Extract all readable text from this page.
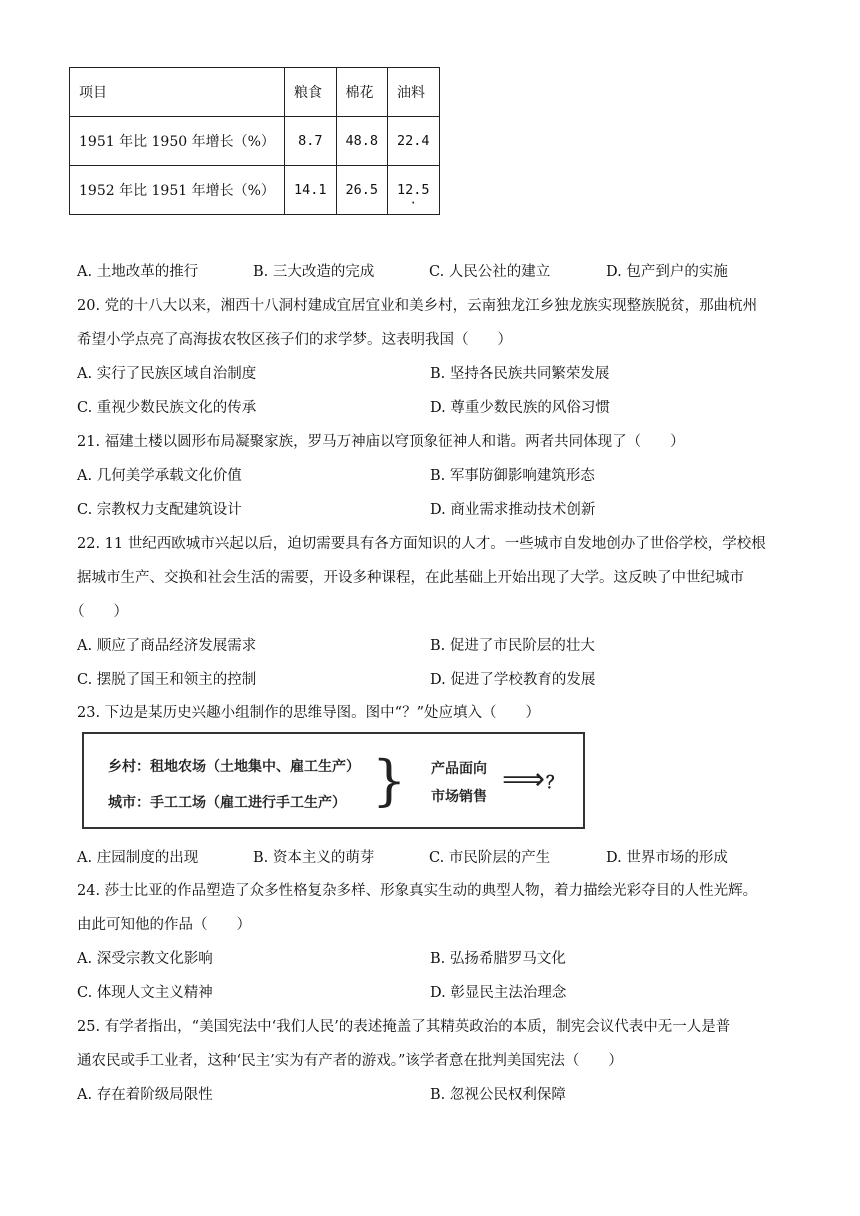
项目	粮食	棉花	油料
1951 年比 1950 年增长（%）	8.7	48.8	22.4
1952 年比 1951 年增长（%）	14.1	26.5	12.5
·
A. 土地改革的推行	B. 三大改造的完成	C. 人民公社的建立	D. 包产到户的实施
20. 党的十八大以来，湘西十八洞村建成宜居宜业和美乡村，云南独龙江乡独龙族实现整族脱贫，那曲杭州
希望小学点亮了高海拔农牧区孩子们的求学梦。这表明我国（　　）
A. 实行了民族区域自治制度	B. 坚持各民族共同繁荣发展
C. 重视少数民族文化的传承	D. 尊重少数民族的风俗习惯
21. 福建土楼以圆形布局凝聚家族，罗马万神庙以穹顶象征神人和谐。两者共同体现了（　　）
A. 几何美学承载文化价值	B. 军事防御影响建筑形态
C. 宗教权力支配建筑设计	D. 商业需求推动技术创新
22. 11 世纪西欧城市兴起以后，迫切需要具有各方面知识的人才。一些城市自发地创办了世俗学校，学校根
据城市生产、交换和社会生活的需要，开设多种课程，在此基础上开始出现了大学。这反映了中世纪城市
（　　）
A. 顺应了商品经济发展需求	B. 促进了市民阶层的壮大
C. 摆脱了国王和领主的控制	D. 促进了学校教育的发展
23. 下边是某历史兴趣小组制作的思维导图。图中“？”处应填入（　　）
乡村：租地农场（土地集中、雇工生产）
城市：手工工场（雇工进行手工生产） } 产品面向
市场销售 ⟹ ？
A. 庄园制度的出现	B. 资本主义的萌芽	C. 市民阶层的产生	D. 世界市场的形成
24. 莎士比亚的作品塑造了众多性格复杂多样、形象真实生动的典型人物，着力描绘光彩夺目的人性光辉。
由此可知他的作品（　　）
A. 深受宗教文化影响	B. 弘扬希腊罗马文化
C. 体现人文主义精神	D. 彰显民主法治理念
25. 有学者指出，“美国宪法中‘我们人民’的表述掩盖了其精英政治的本质，制宪会议代表中无一人是普
通农民或手工业者，这种‘民主’实为有产者的游戏。”该学者意在批判美国宪法（　　）
A. 存在着阶级局限性	B. 忽视公民权利保障
